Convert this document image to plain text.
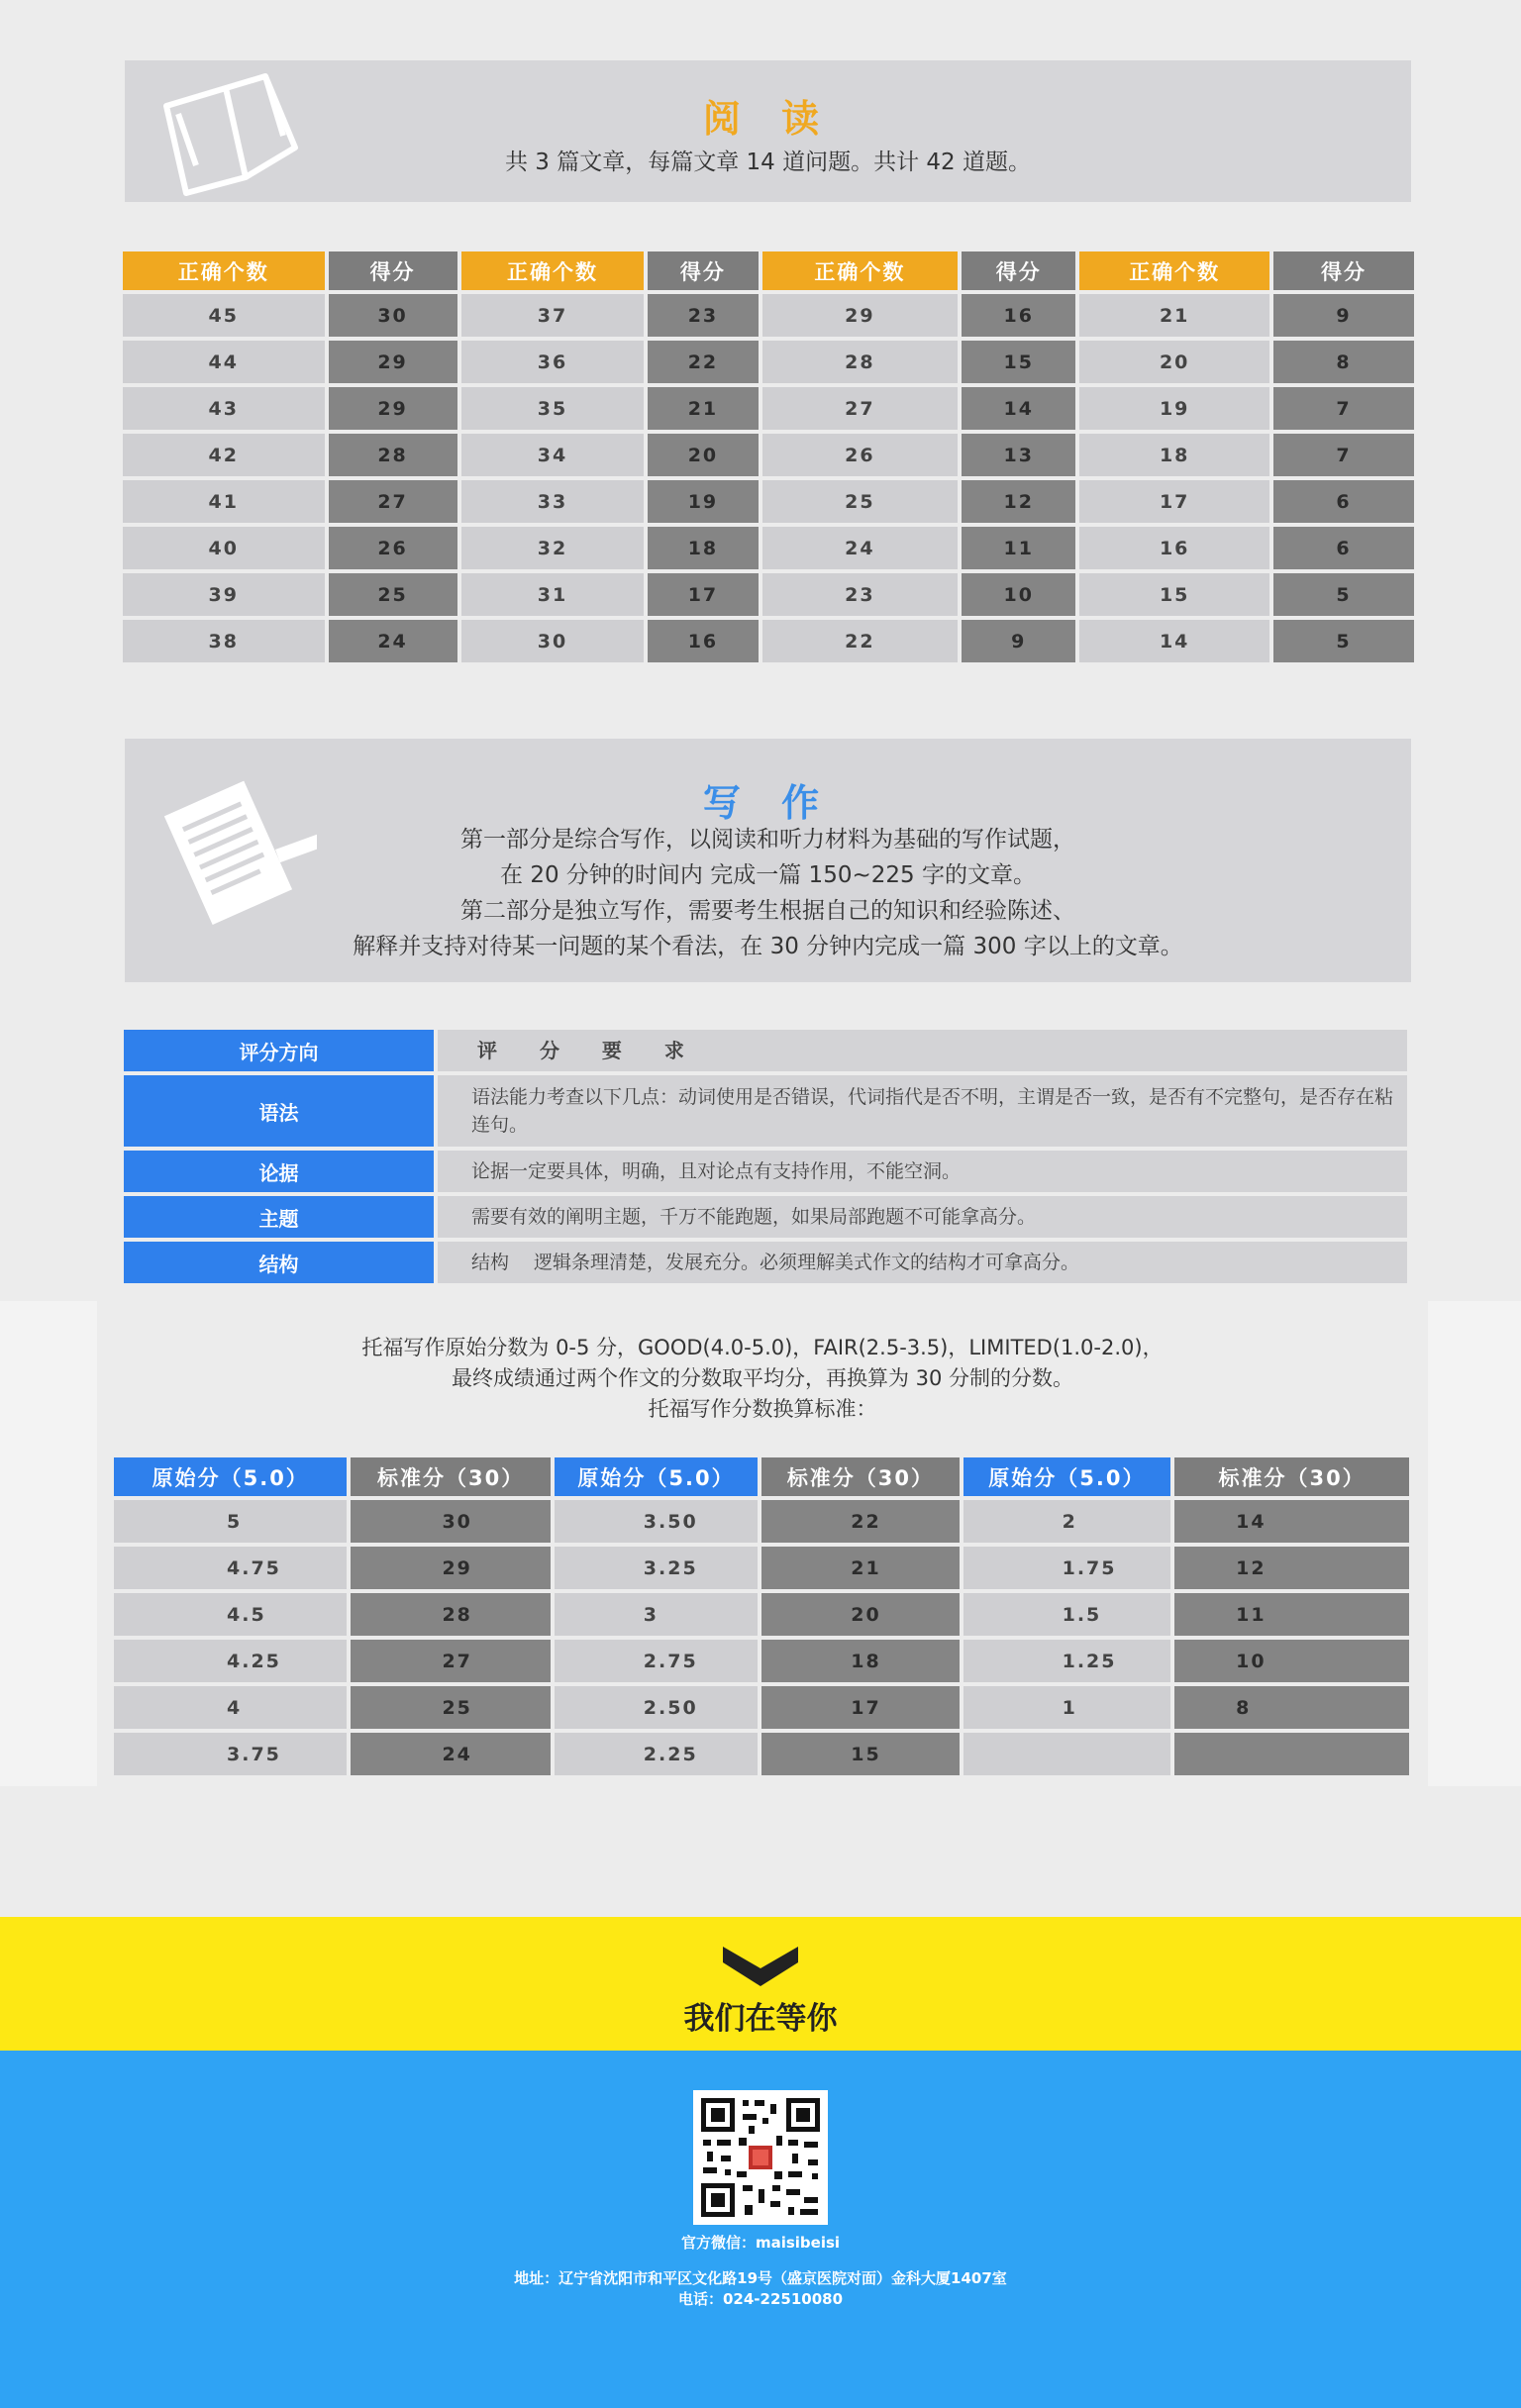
阅 读
共 3 篇文章，每篇文章 14 道问题。共计 42 道题。
正确个数	得分	正确个数	得分	正确个数	得分	正确个数	得分
45	30	37	23	29	16	21	9
44	29	36	22	28	15	20	8
43	29	35	21	27	14	19	7
42	28	34	20	26	13	18	7
41	27	33	19	25	12	17	6
40	26	32	18	24	11	16	6
39	25	31	17	23	10	15	5
38	24	30	16	22	9	14	5
写 作
第一部分是综合写作，以阅读和听力材料为基础的写作试题，
在 20 分钟的时间内 完成一篇 150~225 字的文章。
第二部分是独立写作，需要考生根据自己的知识和经验陈述、
解释并支持对待某一问题的某个看法，在 30 分钟内完成一篇 300 字以上的文章。
评分方向	评 分 要 求
语法	语法能力考查以下几点：动词使用是否错误，代词指代是否不明，主谓是否一致，是否有不完整句，是否存在粘连句。
论据	论据一定要具体，明确，且对论点有支持作用，不能空洞。
主题	需要有效的阐明主题，千万不能跑题，如果局部跑题不可能拿高分。
结构	结构　 逻辑条理清楚，发展充分。必须理解美式作文的结构才可拿高分。
托福写作原始分数为 0-5 分，GOOD(4.0-5.0)，FAIR(2.5-3.5)，LIMITED(1.0-2.0)，
最终成绩通过两个作文的分数取平均分，再换算为 30 分制的分数。
托福写作分数换算标准：
原始分（5.0）	标准分（30）	原始分（5.0）	标准分（30）	原始分（5.0）	标准分（30）
5	30	3.50	22	2	14
4.75	29	3.25	21	1.75	12
4.5	28	3	20	1.5	11
4.25	27	2.75	18	1.25	10
4	25	2.50	17	1	8
3.75	24	2.25	15		
我们在等你
官方微信：maisibeisi
地址：辽宁省沈阳市和平区文化路19号（盛京医院对面）金科大厦1407室
电话：024-22510080
